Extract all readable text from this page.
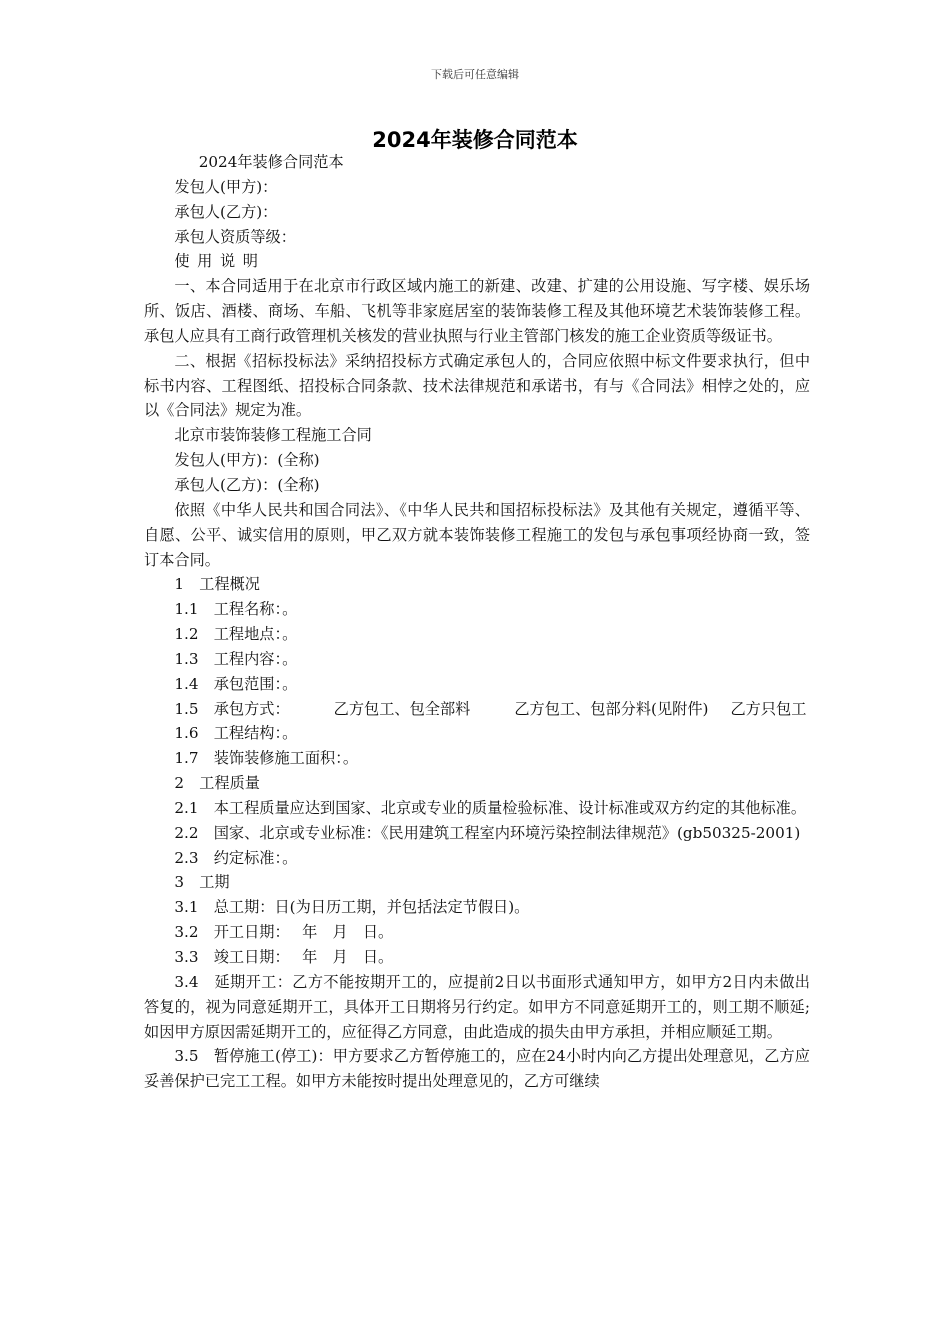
下载后可任意编辑
2024年装修合同范本

2024年装修合同范本

发包人(甲方)：

承包人(乙方)：

承包人资质等级：

使用说明

一、本合同适用于在北京市行政区域内施工的新建、改建、扩建的公用设施、写字楼、娱乐场所、饭店、酒楼、商场、车船、飞机等非家庭居室的装饰装修工程及其他环境艺术装饰装修工程。承包人应具有工商行政管理机关核发的营业执照与行业主管部门核发的施工企业资质等级证书。

二、根据《招标投标法》采纳招投标方式确定承包人的，合同应依照中标文件要求执行，但中标书内容、工程图纸、招投标合同条款、技术法律规范和承诺书，有与《合同法》相悖之处的，应以《合同法》规定为准。

北京市装饰装修工程施工合同

发包人(甲方)：(全称)

承包人(乙方)：(全称)

依照《中华人民共和国合同法》、《中华人民共和国招标投标法》及其他有关规定，遵循平等、自愿、公平、诚实信用的原则，甲乙双方就本装饰装修工程施工的发包与承包事项经协商一致，签订本合同。

1　工程概况

1.1　工程名称：。

1.2　工程地点：。

1.3　工程内容：。

1.4　承包范围：。

1.5　承包方式：	乙方包工、包全部料	乙方包工、包部分料(见附件) 乙方只包工

1.6　工程结构：。

1.7　装饰装修施工面积：。

2　工程质量

2.1　本工程质量应达到国家、北京或专业的质量检验标准、设计标准或双方约定的其他标准。

2.2　国家、北京或专业标准：《民用建筑工程室内环境污染控制法律规范》(gb50325-2001)

2.3　约定标准：。

3　工期

3.1　总工期：日(为日历工期，并包括法定节假日)。

3.2　开工日期：　 年　月　日。

3.3　竣工日期：　 年　月　日。

3.4　延期开工：乙方不能按期开工的，应提前2日以书面形式通知甲方，如甲方2日内未做出答复的，视为同意延期开工，具体开工日期将另行约定。如甲方不同意延期开工的，则工期不顺延;如因甲方原因需延期开工的，应征得乙方同意，由此造成的损失由甲方承担，并相应顺延工期。

3.5　暂停施工(停工)：甲方要求乙方暂停施工的，应在24小时内向乙方提出处理意见，乙方应妥善保护已完工工程。如甲方未能按时提出处理意见的，乙方可继续
